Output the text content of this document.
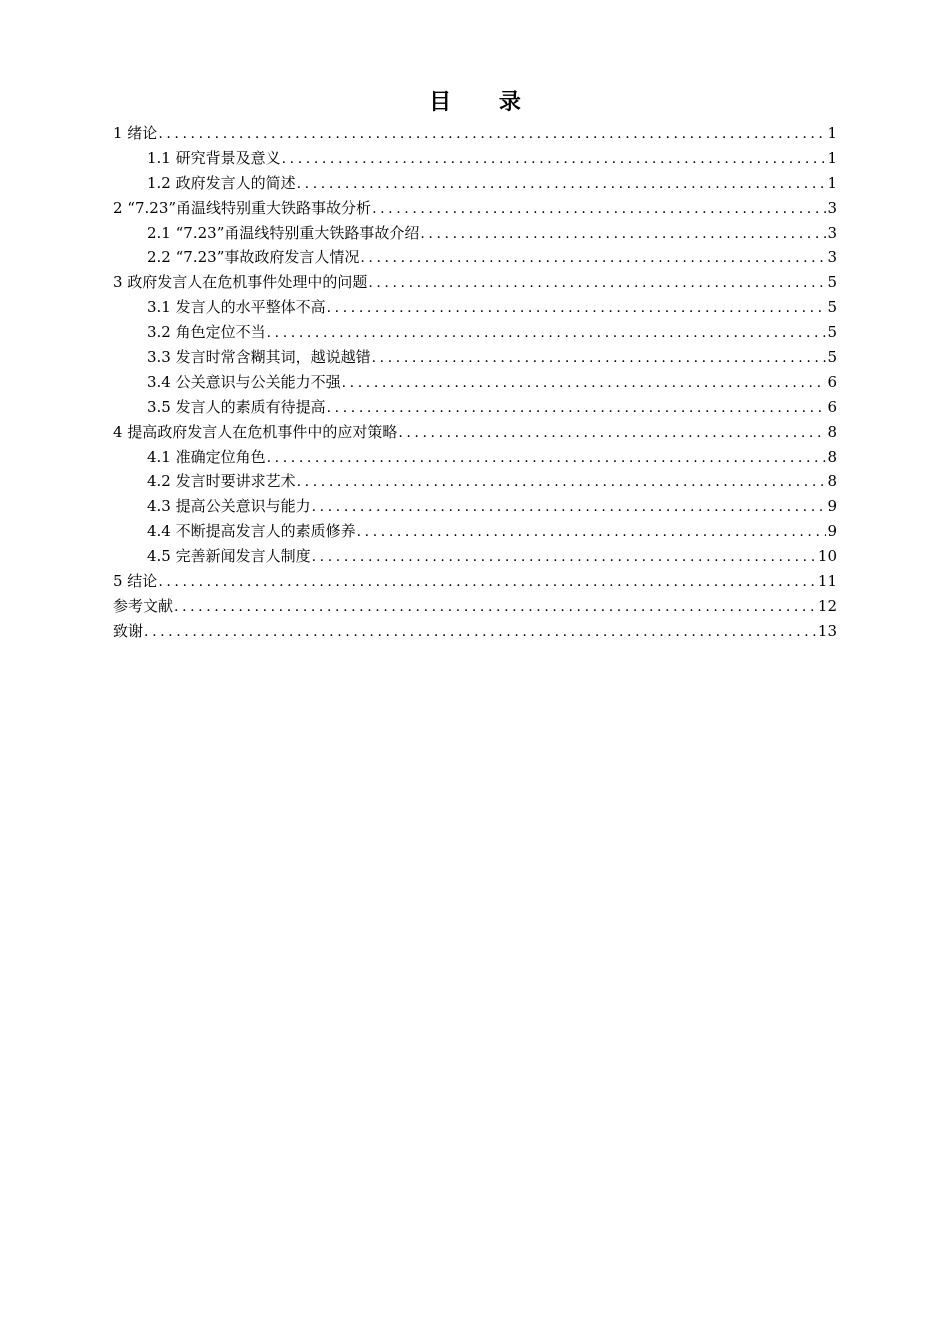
目 录
1 绪论 .....	1
1.1 研究背景及意义 .....	1
1.2 政府发言人的简述 .....	1
2 “7.23”甬温线特别重大铁路事故分析 .....	3
2.1 “7.23”甬温线特别重大铁路事故介绍 .....	3
2.2 “7.23”事故政府发言人情况 .....	3
3 政府发言人在危机事件处理中的问题 .....	5
3.1 发言人的水平整体不高 .....	5
3.2 角色定位不当 .....	5
3.3 发言时常含糊其词，越说越错 .....	5
3.4 公关意识与公关能力不强 .....	6
3.5 发言人的素质有待提高 .....	6
4 提高政府发言人在危机事件中的应对策略 .....	8
4.1 准确定位角色 .....	8
4.2 发言时要讲求艺术 .....	8
4.3 提高公关意识与能力 .....	9
4.4 不断提高发言人的素质修养 .....	9
4.5 完善新闻发言人制度 .....	10
5 结论 .....	11
参考文献 .....	12
致谢 .....	13
